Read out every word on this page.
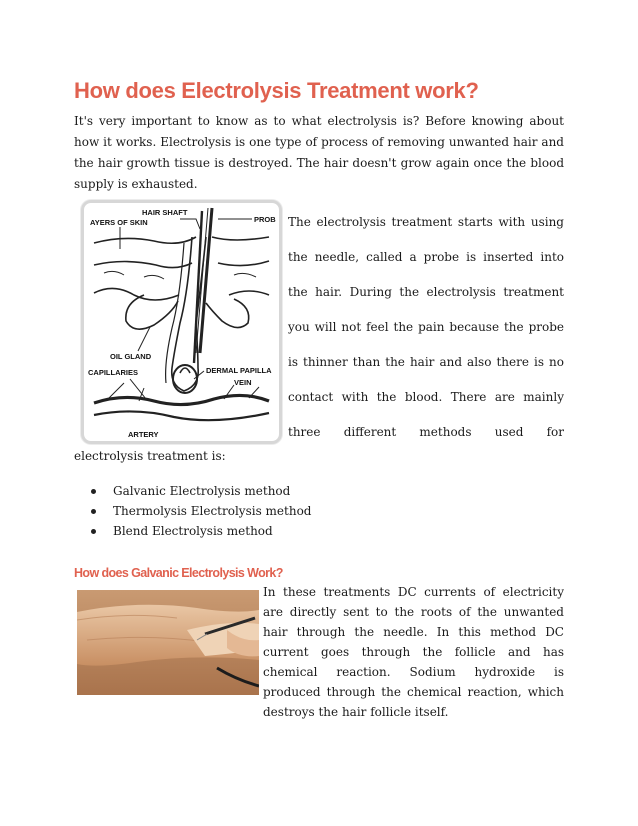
How does Electrolysis Treatment work?
It's very important to know as to what electrolysis is? Before knowing about how it works. Electrolysis is one type of process of removing unwanted hair and the hair growth tissue is destroyed. The hair doesn't grow again once the blood supply is exhausted.
HAIR SHAFT
AYERS OF SKIN	PROB
OIL GLAND
CAPILLARIES	DERMAL PAPILLA
VEIN
ARTERY
The electrolysis treatment starts with using
the needle, called a probe is inserted into
the hair. During the electrolysis treatment
you will not feel the pain because the probe
is thinner than the hair and also there is no
contact with the blood. There are mainly
three different methods used for
electrolysis treatment is:
Galvanic Electrolysis method
Thermolysis Electrolysis method
Blend Electrolysis method
How does Galvanic Electrolysis Work?
In these treatments DC currents of electricity are directly sent to the roots of the unwanted hair through the needle. In this method DC current goes through the follicle and has chemical reaction. Sodium hydroxide is produced through the chemical reaction, which destroys the hair follicle itself.
